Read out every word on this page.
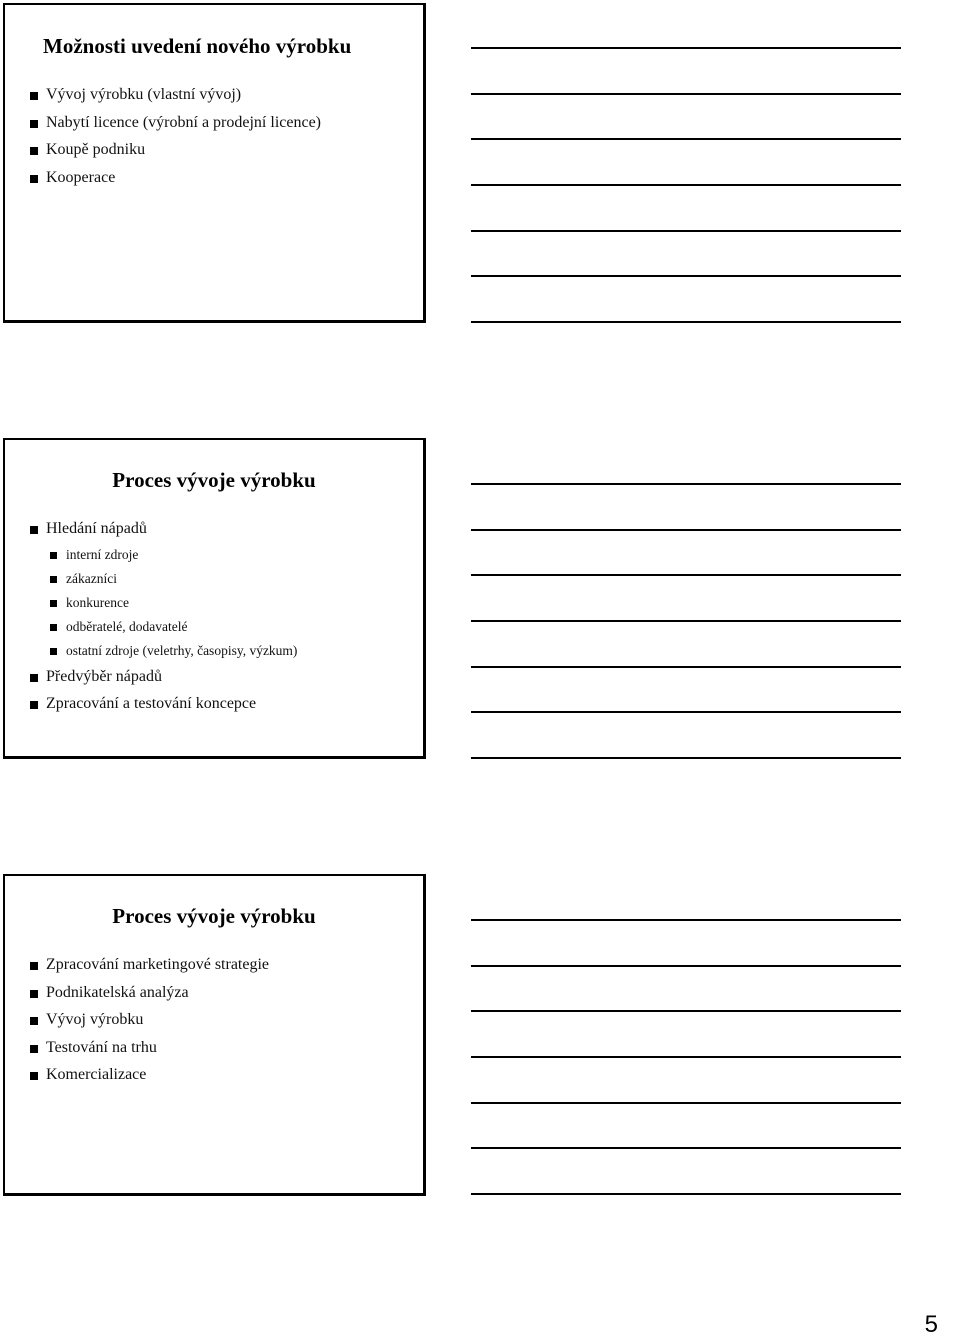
Možnosti uvedení nového výrobku
Vývoj výrobku (vlastní vývoj)
Nabytí licence (výrobní a prodejní licence)
Koupě podniku
Kooperace
Proces vývoje výrobku
Hledání nápadů
interní zdroje
zákazníci
konkurence
odběratelé, dodavatelé
ostatní zdroje (veletrhy, časopisy, výzkum)
Předvýběr nápadů
Zpracování a testování koncepce
Proces vývoje výrobku
Zpracování marketingové strategie
Podnikatelská analýza
Vývoj výrobku
Testování na trhu
Komercializace
5
